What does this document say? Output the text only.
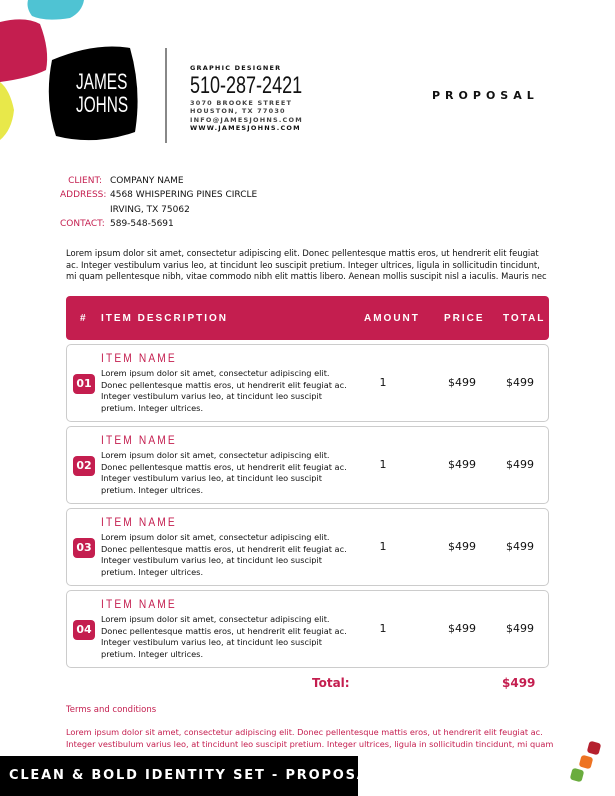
JAMES
JOHNS
GRAPHIC DESIGNER
510-287-2421
3070 BROOKE STREET
HOUSTON, TX 77030
INFO@JAMESJOHNS.COM
WWW.JAMESJOHNS.COM
PROPOSAL
CLIENT: COMPANY NAME
ADDRESS: 4568 WHISPERING PINES CIRCLE
IRVING, TX 75062
CONTACT: 589-548-5691
Lorem ipsum dolor sit amet, consectetur adipiscing elit. Donec pellentesque mattis eros, ut hendrerit elit feugiat ac. Integer vestibulum varius leo, at tincidunt leo suscipit pretium. Integer ultrices, ligula in sollicitudin tincidunt, mi quam pellentesque nibh, vitae commodo nibh elit mattis libero. Aenean mollis suscipit nisl a iaculis. Mauris nec
# ITEM DESCRIPTION	AMOUNT PRICE TOTAL
01
ITEM NAME
Lorem ipsum dolor sit amet, consectetur adipiscing elit. Donec pellentesque mattis eros, ut hendrerit elit feugiat ac. Integer vestibulum varius leo, at tincidunt leo suscipit pretium. Integer ultrices.
1	$499	$499
02
ITEM NAME
Lorem ipsum dolor sit amet, consectetur adipiscing elit. Donec pellentesque mattis eros, ut hendrerit elit feugiat ac. Integer vestibulum varius leo, at tincidunt leo suscipit pretium. Integer ultrices.
1	$499	$499
03
ITEM NAME
Lorem ipsum dolor sit amet, consectetur adipiscing elit. Donec pellentesque mattis eros, ut hendrerit elit feugiat ac. Integer vestibulum varius leo, at tincidunt leo suscipit pretium. Integer ultrices.
1	$499	$499
04
ITEM NAME
Lorem ipsum dolor sit amet, consectetur adipiscing elit. Donec pellentesque mattis eros, ut hendrerit elit feugiat ac. Integer vestibulum varius leo, at tincidunt leo suscipit pretium. Integer ultrices.
1	$499	$499
Total:	$499
Terms and conditions
Lorem ipsum dolor sit amet, consectetur adipiscing elit. Donec pellentesque mattis eros, ut hendrerit elit feugiat ac. Integer vestibulum varius leo, at tincidunt leo suscipit pretium. Integer ultrices, ligula in sollicitudin tincidunt, mi quam
CLEAN & BOLD IDENTITY SET - PROPOSAL
